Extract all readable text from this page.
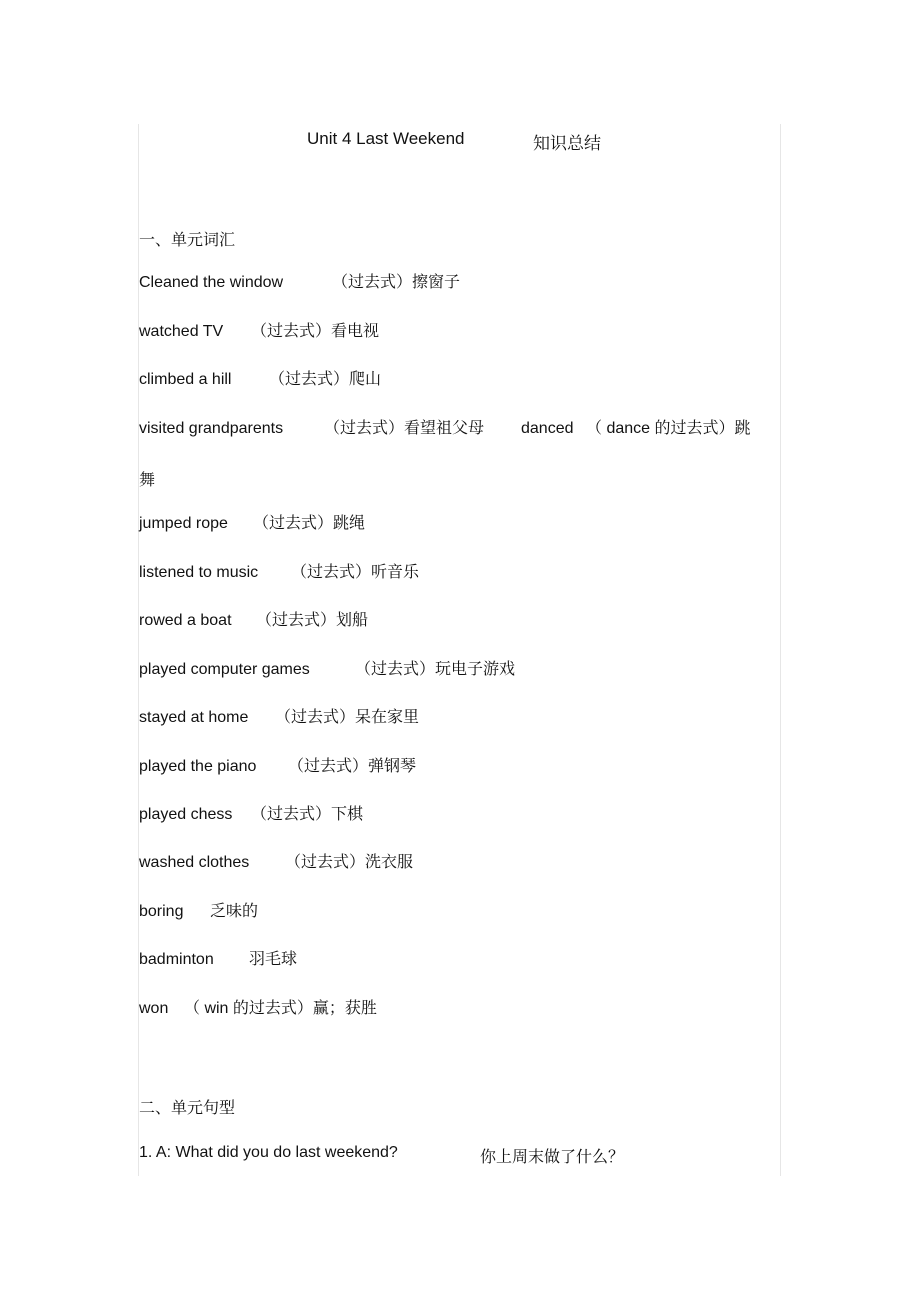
Unit 4 Last Weekend	知识总结
一、单元词汇
Cleaned the window	（过去式）擦窗子
watched TV （过去式）看电视
climbed a hill （过去式）爬山
visited grandparents	（过去式）看望祖父母 danced （ dance 的过去式）跳
舞
jumped rope （过去式）跳绳
listened to music （过去式）听音乐
rowed a boat （过去式）划船
played computer games	（过去式）玩电子游戏
stayed at home （过去式）呆在家里
played the piano （过去式）弹钢琴
played chess （过去式）下棋
washed clothes （过去式）洗衣服
boring 乏味的
badminton 羽毛球
won （ win 的过去式）赢；获胜
二、单元句型
1. A: What did you do last weekend?	你上周末做了什么？
